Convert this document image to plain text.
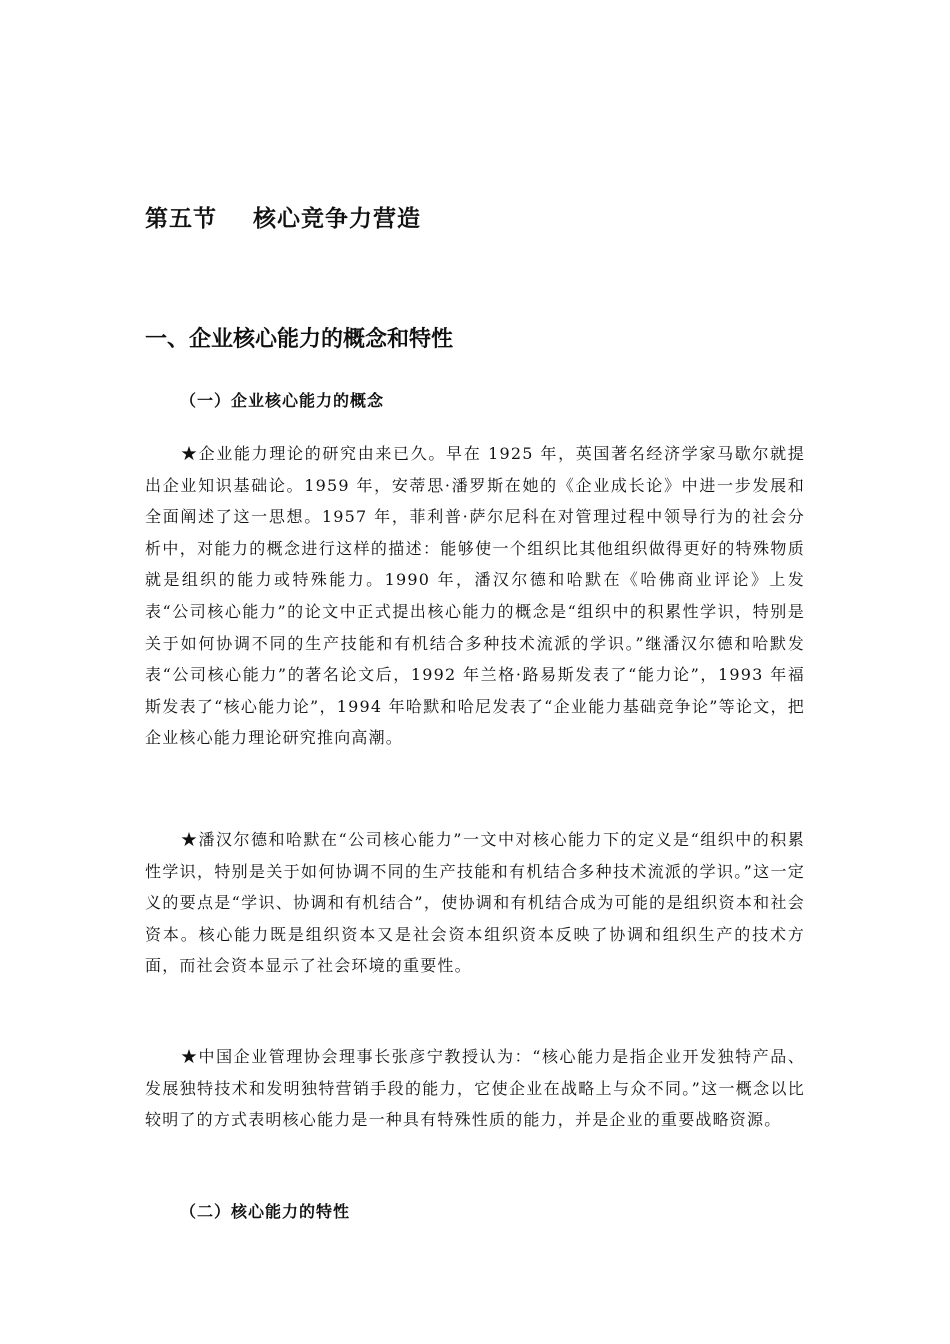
第五节    核心竞争力营造
一、企业核心能力的概念和特性
（一）企业核心能力的概念

★企业能力理论的研究由来已久。早在 1925 年，英国著名经济学家马歇尔就提出企业知识基础论。1959 年，安蒂思·潘罗斯在她的《企业成长论》中进一步发展和全面阐述了这一思想。1957 年，菲利普·萨尔尼科在对管理过程中领导行为的社会分析中，对能力的概念进行这样的描述：能够使一个组织比其他组织做得更好的特殊物质就是组织的能力或特殊能力。1990 年，潘汉尔德和哈默在《哈佛商业评论》上发表“公司核心能力”的论文中正式提出核心能力的概念是“组织中的积累性学识，特别是关于如何协调不同的生产技能和有机结合多种技术流派的学识。”继潘汉尔德和哈默发表“公司核心能力”的著名论文后，1992 年兰格·路易斯发表了“能力论”，1993 年福斯发表了“核心能力论”，1994 年哈默和哈尼发表了“企业能力基础竞争论”等论文，把企业核心能力理论研究推向高潮。

★潘汉尔德和哈默在“公司核心能力”一文中对核心能力下的定义是“组织中的积累性学识，特别是关于如何协调不同的生产技能和有机结合多种技术流派的学识。”这一定义的要点是“学识、协调和有机结合”，使协调和有机结合成为可能的是组织资本和社会资本。核心能力既是组织资本又是社会资本组织资本反映了协调和组织生产的技术方面，而社会资本显示了社会环境的重要性。

★中国企业管理协会理事长张彦宁教授认为：“核心能力是指企业开发独特产品、发展独特技术和发明独特营销手段的能力，它使企业在战略上与众不同。”这一概念以比较明了的方式表明核心能力是一种具有特殊性质的能力，并是企业的重要战略资源。

（二）核心能力的特性
